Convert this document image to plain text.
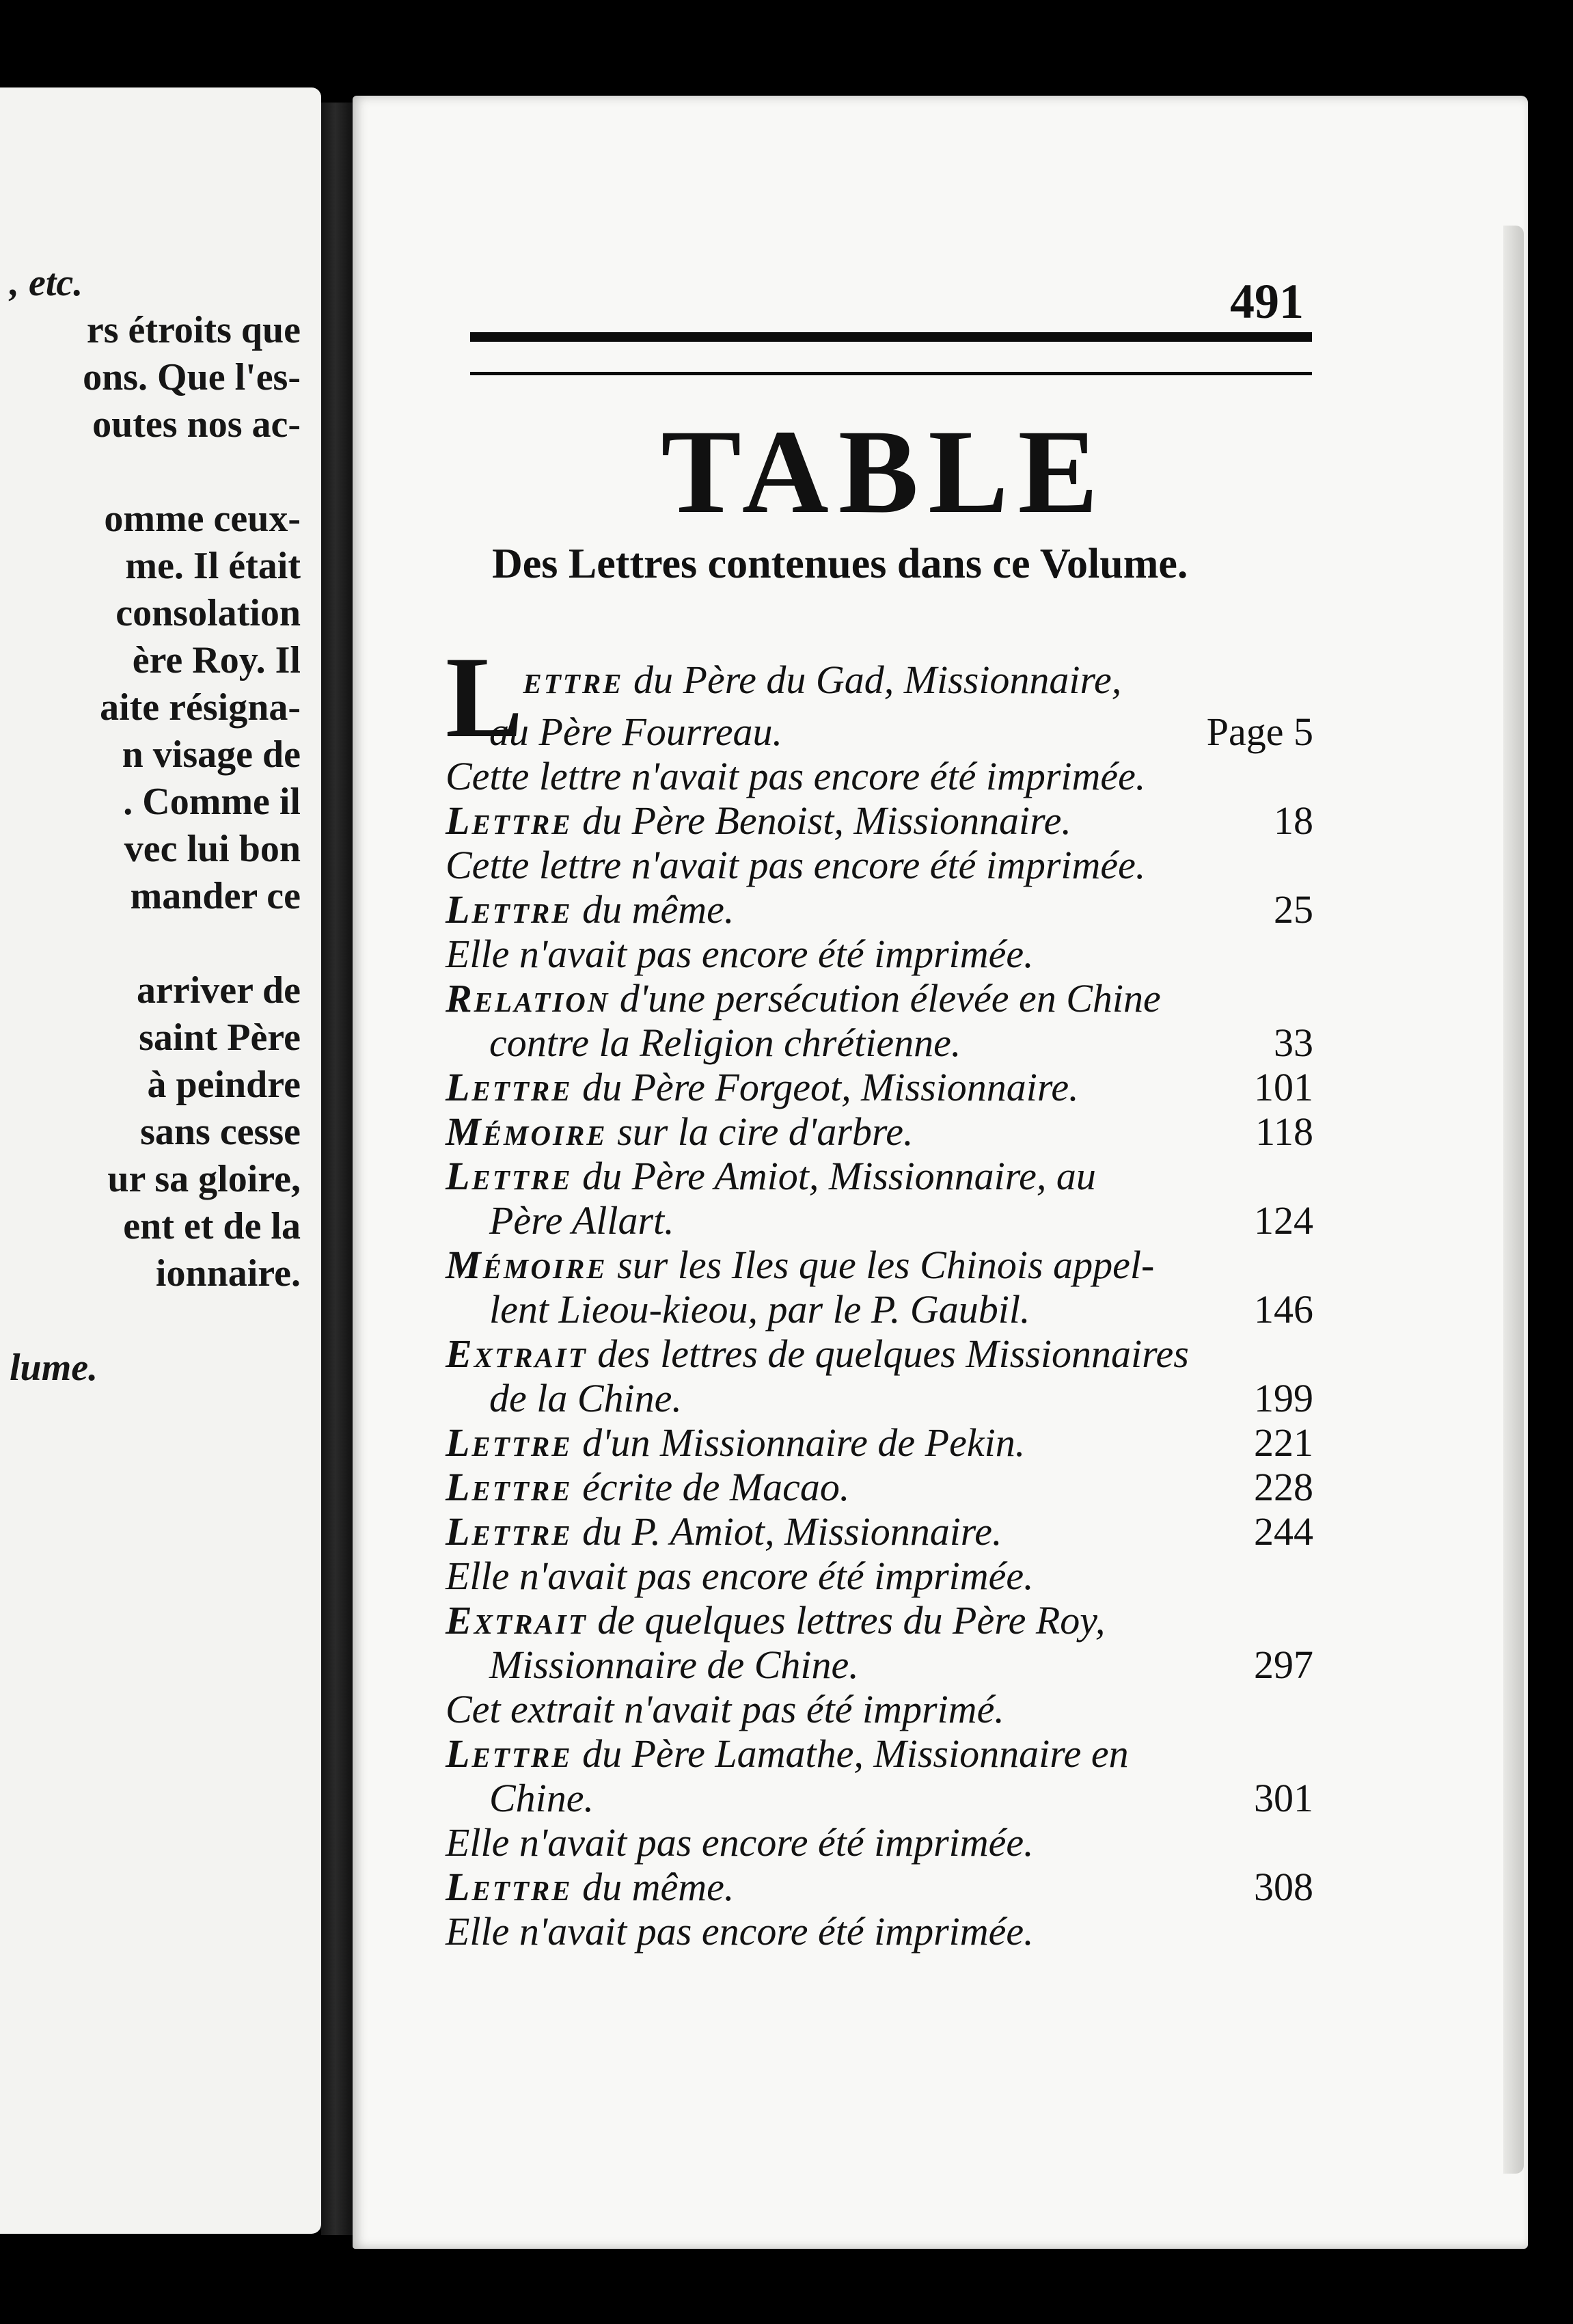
, etc.
rs étroits que
ons. Que l'es-
outes nos ac-
omme ceux-
me. Il était
consolation
ère Roy. Il
aite résigna-
n visage de
. Comme il
vec lui bon
mander ce
arriver de
saint Père
à peindre
sans cesse
ur sa gloire,
ent et de la
ionnaire.
lume.
491
TABLE
Des Lettres contenues dans ce Volume.
Lettre du Père du Gad, Missionnaire,
au Père Fourreau.	Page 5
Cette lettre n'avait pas encore été imprimée.
Lettre du Père Benoist, Missionnaire.	18
Cette lettre n'avait pas encore été imprimée.
Lettre du même.	25
Elle n'avait pas encore été imprimée.
Relation d'une persécution élevée en Chine
contre la Religion chrétienne.	33
Lettre du Père Forgeot, Missionnaire.	101
Mémoire sur la cire d'arbre.	118
Lettre du Père Amiot, Missionnaire, au
Père Allart.	124
Mémoire sur les Iles que les Chinois appel-
lent Lieou-kieou, par le P. Gaubil.	146
Extrait des lettres de quelques Missionnaires
de la Chine.	199
Lettre d'un Missionnaire de Pekin.	221
Lettre écrite de Macao.	228
Lettre du P. Amiot, Missionnaire.	244
Elle n'avait pas encore été imprimée.
Extrait de quelques lettres du Père Roy,
Missionnaire de Chine.	297
Cet extrait n'avait pas été imprimé.
Lettre du Père Lamathe, Missionnaire en
Chine.	301
Elle n'avait pas encore été imprimée.
Lettre du même.	308
Elle n'avait pas encore été imprimée.
